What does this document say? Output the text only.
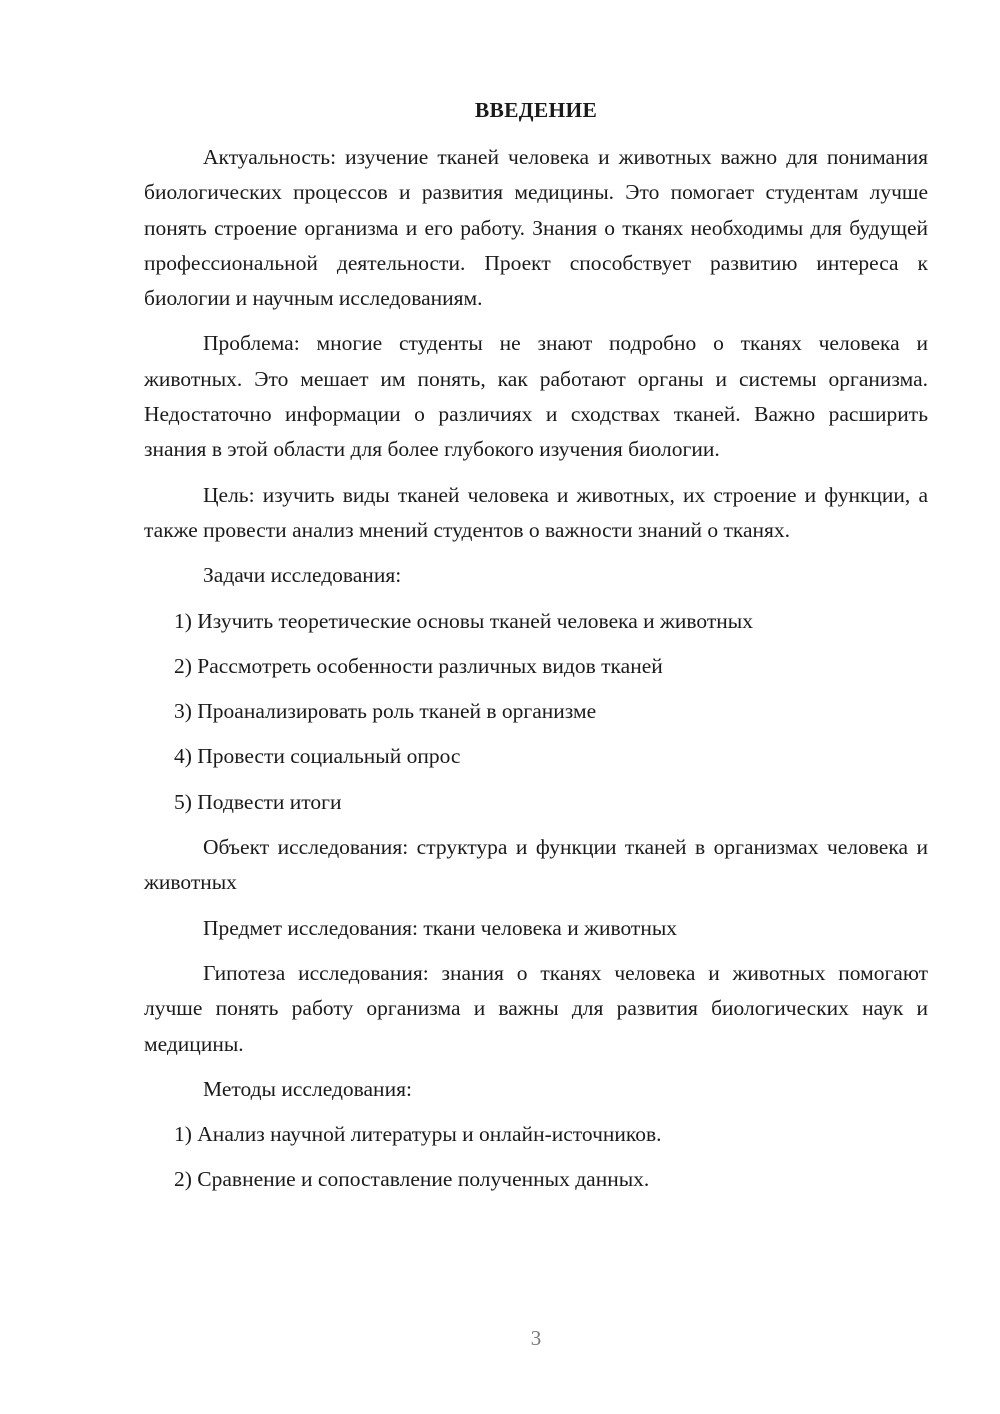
ВВЕДЕНИЕ

Актуальность: изучение тканей человека и животных важно для понимания биологических процессов и развития медицины. Это помогает студентам лучше понять строение организма и его работу. Знания о тканях необходимы для будущей профессиональной деятельности. Проект способствует развитию интереса к биологии и научным исследованиям.

Проблема: многие студенты не знают подробно о тканях человека и животных. Это мешает им понять, как работают органы и системы организма. Недостаточно информации о различиях и сходствах тканей. Важно расширить знания в этой области для более глубокого изучения биологии.

Цель: изучить виды тканей человека и животных, их строение и функции, а также провести анализ мнений студентов о важности знаний о тканях.

Задачи исследования:

1) Изучить теоретические основы тканей человека и животных
2) Рассмотреть особенности различных видов тканей
3) Проанализировать роль тканей в организме
4) Провести социальный опрос
5) Подвести итоги

Объект исследования: структура и функции тканей в организмах человека и животных

Предмет исследования: ткани человека и животных

Гипотеза исследования: знания о тканях человека и животных помогают лучше понять работу организма и важны для развития биологических наук и медицины.

Методы исследования:

1) Анализ научной литературы и онлайн-источников.
2) Сравнение и сопоставление полученных данных.
3
